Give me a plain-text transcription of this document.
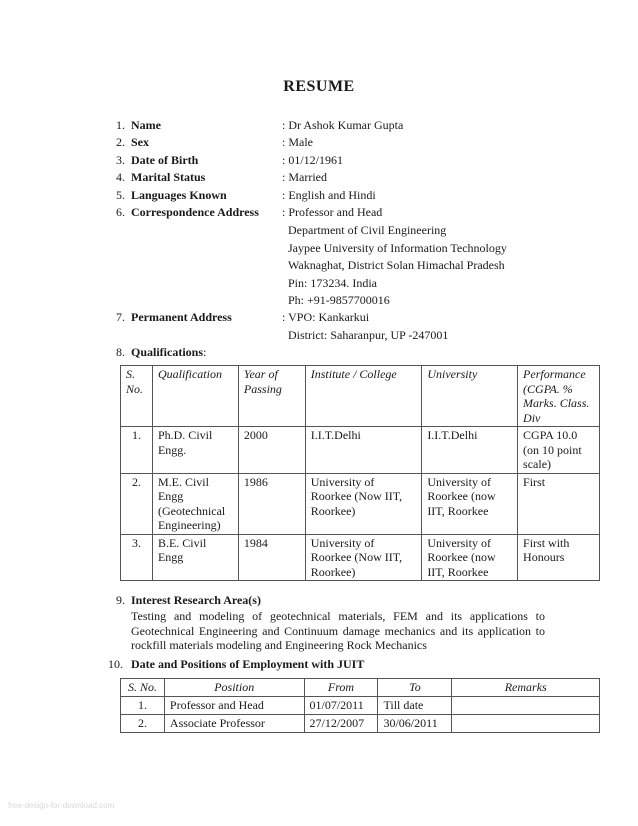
RESUME
1. Name	: Dr Ashok Kumar Gupta
2. Sex	: Male
3. Date of Birth	: 01/12/1961
4. Marital Status	: Married
5. Languages Known	: English and Hindi
6. Correspondence Address : Professor and Head
Department of Civil Engineering
Jaypee University of Information Technology
Waknaghat, District Solan Himachal Pradesh
Pin: 173234. India
Ph: +91-9857700016
7. Permanent Address	: VPO: Kankarkui
District: Saharanpur, UP -247001
8. Qualifications:
S. No.	Qualification	Year of Passing	Institute / College	University	Performance (CGPA. % Marks. Class. Div
1.	Ph.D. Civil Engg.	2000	I.I.T.Delhi	I.I.T.Delhi	CGPA 10.0 (on 10 point scale)
2.	M.E. Civil Engg (Geotechnical Engineering)	1986	University of Roorkee (Now IIT, Roorkee)	University of Roorkee (now IIT, Roorkee	First
3.	B.E. Civil Engg	1984	University of Roorkee (Now IIT, Roorkee)	University of Roorkee (now IIT, Roorkee	First with Honours
9. Interest Research Area(s)
Testing and modeling of geotechnical materials, FEM and its applications to Geotechnical Engineering and Continuum damage mechanics and its application to rockfill materials modeling and Engineering Rock Mechanics
10. Date and Positions of Employment with JUIT
S. No.	Position	From	To	Remarks
1.	Professor and Head	01/07/2011	Till date	
2.	Associate Professor	27/12/2007	30/06/2011	
free-design-for-download.com
